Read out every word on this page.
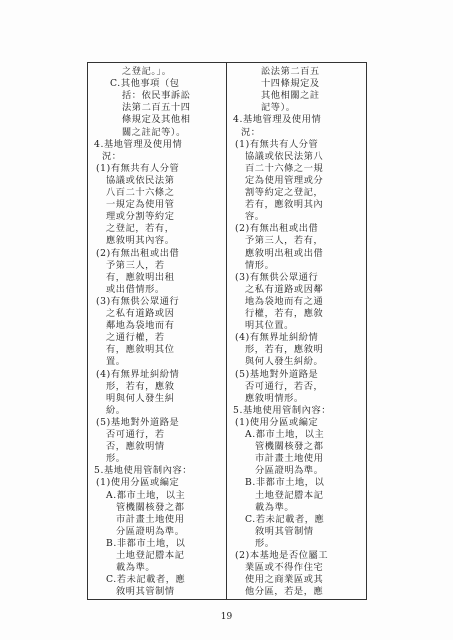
之登記。」。
C.其他事項（包
括：依民事訴訟
法第二百五十四
條規定及其他相
關之註記等）。
4.基地管理及使用情
況：
(1)有無共有人分管
協議或依民法第
八百二十六條之
一規定為使用管
理或分割等約定
之登記，若有，
應敘明其內容。
(2)有無出租或出借
予第三人，若
有，應敘明出租
或出借情形。
(3)有無供公眾通行
之私有道路或因
鄰地為袋地而有
之通行權，若
有，應敘明其位
置。
(4)有無界址糾紛情
形，若有，應敘
明與何人發生糾
紛。
(5)基地對外道路是
否可通行，若
否，應敘明情
形。
5.基地使用管制內容：
(1)使用分區或編定
A.都市土地，以主
管機關核發之都
市計畫土地使用
分區證明為準。
B.非都市土地，以
土地登記謄本記
載為準。
C.若未記載者，應
敘明其管制情
訟法第二百五
十四條規定及
其他相關之註
記等）。
4.基地管理及使用情
況：
(1)有無共有人分管
協議或依民法第八
百二十六條之一規
定為使用管理或分
割等約定之登記，
若有，應敘明其內
容。
(2)有無出租或出借
予第三人，若有，
應敘明出租或出借
情形。
(3)有無供公眾通行
之私有道路或因鄰
地為袋地而有之通
行權，若有，應敘
明其位置。
(4)有無界址糾紛情
形，若有，應敘明
與何人發生糾紛。
(5)基地對外道路是
否可通行，若否，
應敘明情形。
5.基地使用管制內容：
(1)使用分區或編定
A.都市土地，以主
管機關核發之都
市計畫土地使用
分區證明為準。
B.非都市土地，以
土地登記謄本記
載為準。
C.若未記載者，應
敘明其管制情
形。
(2)本基地是否位屬工
業區或不得作住宅
使用之商業區或其
他分區，若是，應
19
